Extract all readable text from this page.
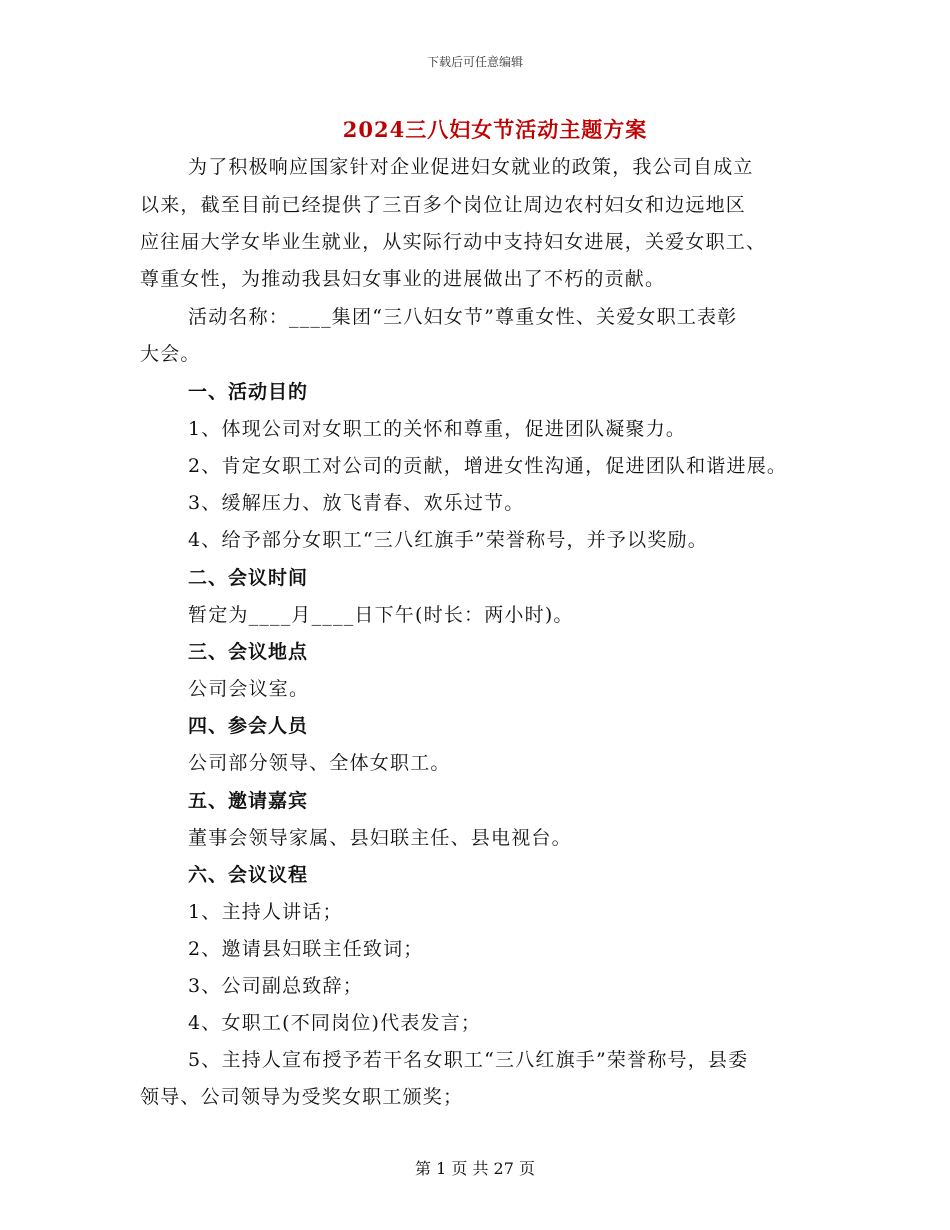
下载后可任意编辑
2024三八妇女节活动主题方案
为了积极响应国家针对企业促进妇女就业的政策，我公司自成立
以来，截至目前已经提供了三百多个岗位让周边农村妇女和边远地区
应往届大学女毕业生就业，从实际行动中支持妇女进展，关爱女职工、
尊重女性，为推动我县妇女事业的进展做出了不朽的贡献。
活动名称：____集团“三八妇女节”尊重女性、关爱女职工表彰
大会。
一、活动目的
1、体现公司对女职工的关怀和尊重，促进团队凝聚力。
2、肯定女职工对公司的贡献，增进女性沟通，促进团队和谐进展。
3、缓解压力、放飞青春、欢乐过节。
4、给予部分女职工“三八红旗手”荣誉称号，并予以奖励。
二、会议时间
暂定为____月____日下午(时长：两小时)。
三、会议地点
公司会议室。
四、参会人员
公司部分领导、全体女职工。
五、邀请嘉宾
董事会领导家属、县妇联主任、县电视台。
六、会议议程
1、主持人讲话；
2、邀请县妇联主任致词；
3、公司副总致辞；
4、女职工(不同岗位)代表发言；
5、主持人宣布授予若干名女职工“三八红旗手”荣誉称号，县委
领导、公司领导为受奖女职工颁奖；
第 1 页 共 27 页
